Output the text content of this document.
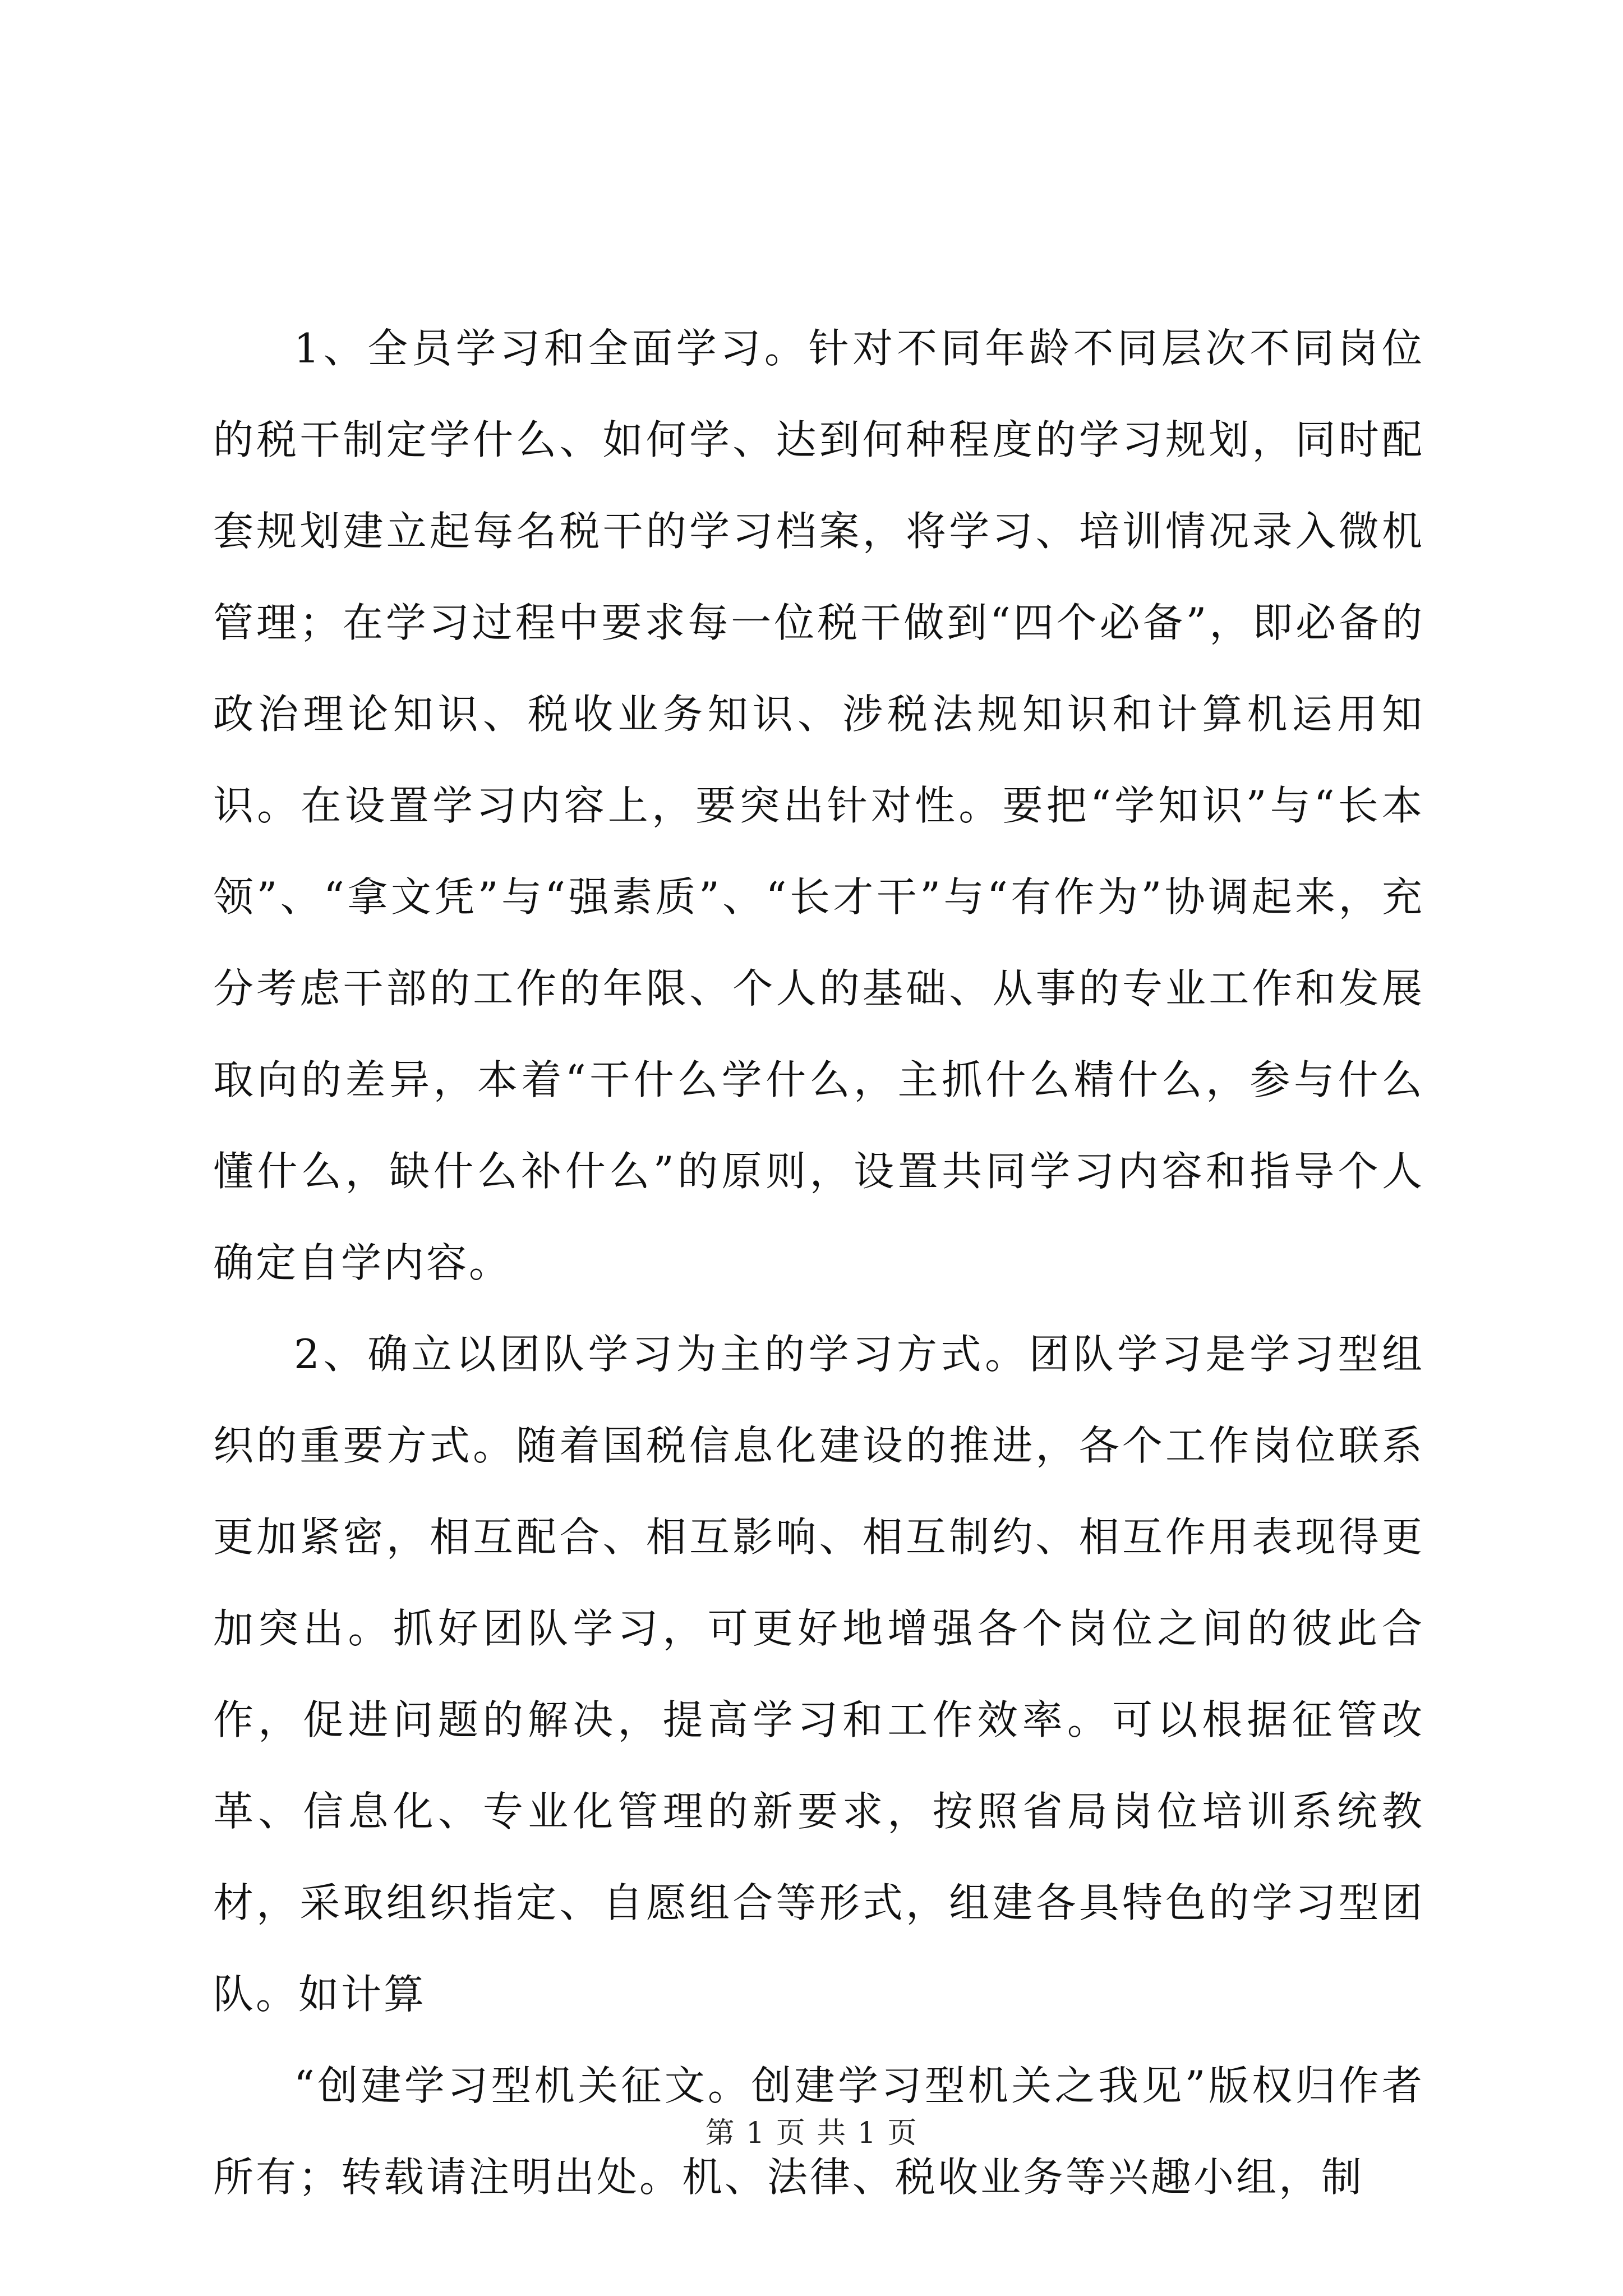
1、全员学习和全面学习。针对不同年龄不同层次不同岗位的税干制定学什么、如何学、达到何种程度的学习规划，同时配套规划建立起每名税干的学习档案，将学习、培训情况录入微机管理；在学习过程中要求每一位税干做到“四个必备”，即必备的政治理论知识、税收业务知识、涉税法规知识和计算机运用知识。在设置学习内容上，要突出针对性。要把“学知识”与“长本领”、“拿文凭”与“强素质”、“长才干”与“有作为”协调起来，充分考虑干部的工作的年限、个人的基础、从事的专业工作和发展取向的差异，本着“干什么学什么，主抓什么精什么，参与什么懂什么，缺什么补什么”的原则，设置共同学习内容和指导个人确定自学内容。

2、确立以团队学习为主的学习方式。团队学习是学习型组织的重要方式。随着国税信息化建设的推进，各个工作岗位联系更加紧密，相互配合、相互影响、相互制约、相互作用表现得更加突出。抓好团队学习，可更好地增强各个岗位之间的彼此合作，促进问题的解决，提高学习和工作效率。可以根据征管改革、信息化、专业化管理的新要求，按照省局岗位培训系统教材，采取组织指定、自愿组合等形式，组建各具特色的学习型团队。如计算

“创建学习型机关征文。创建学习型机关之我见”版权归作者所有；转载请注明出处。机、法律、税收业务等兴趣小组，制

第 1 页 共 1 页
